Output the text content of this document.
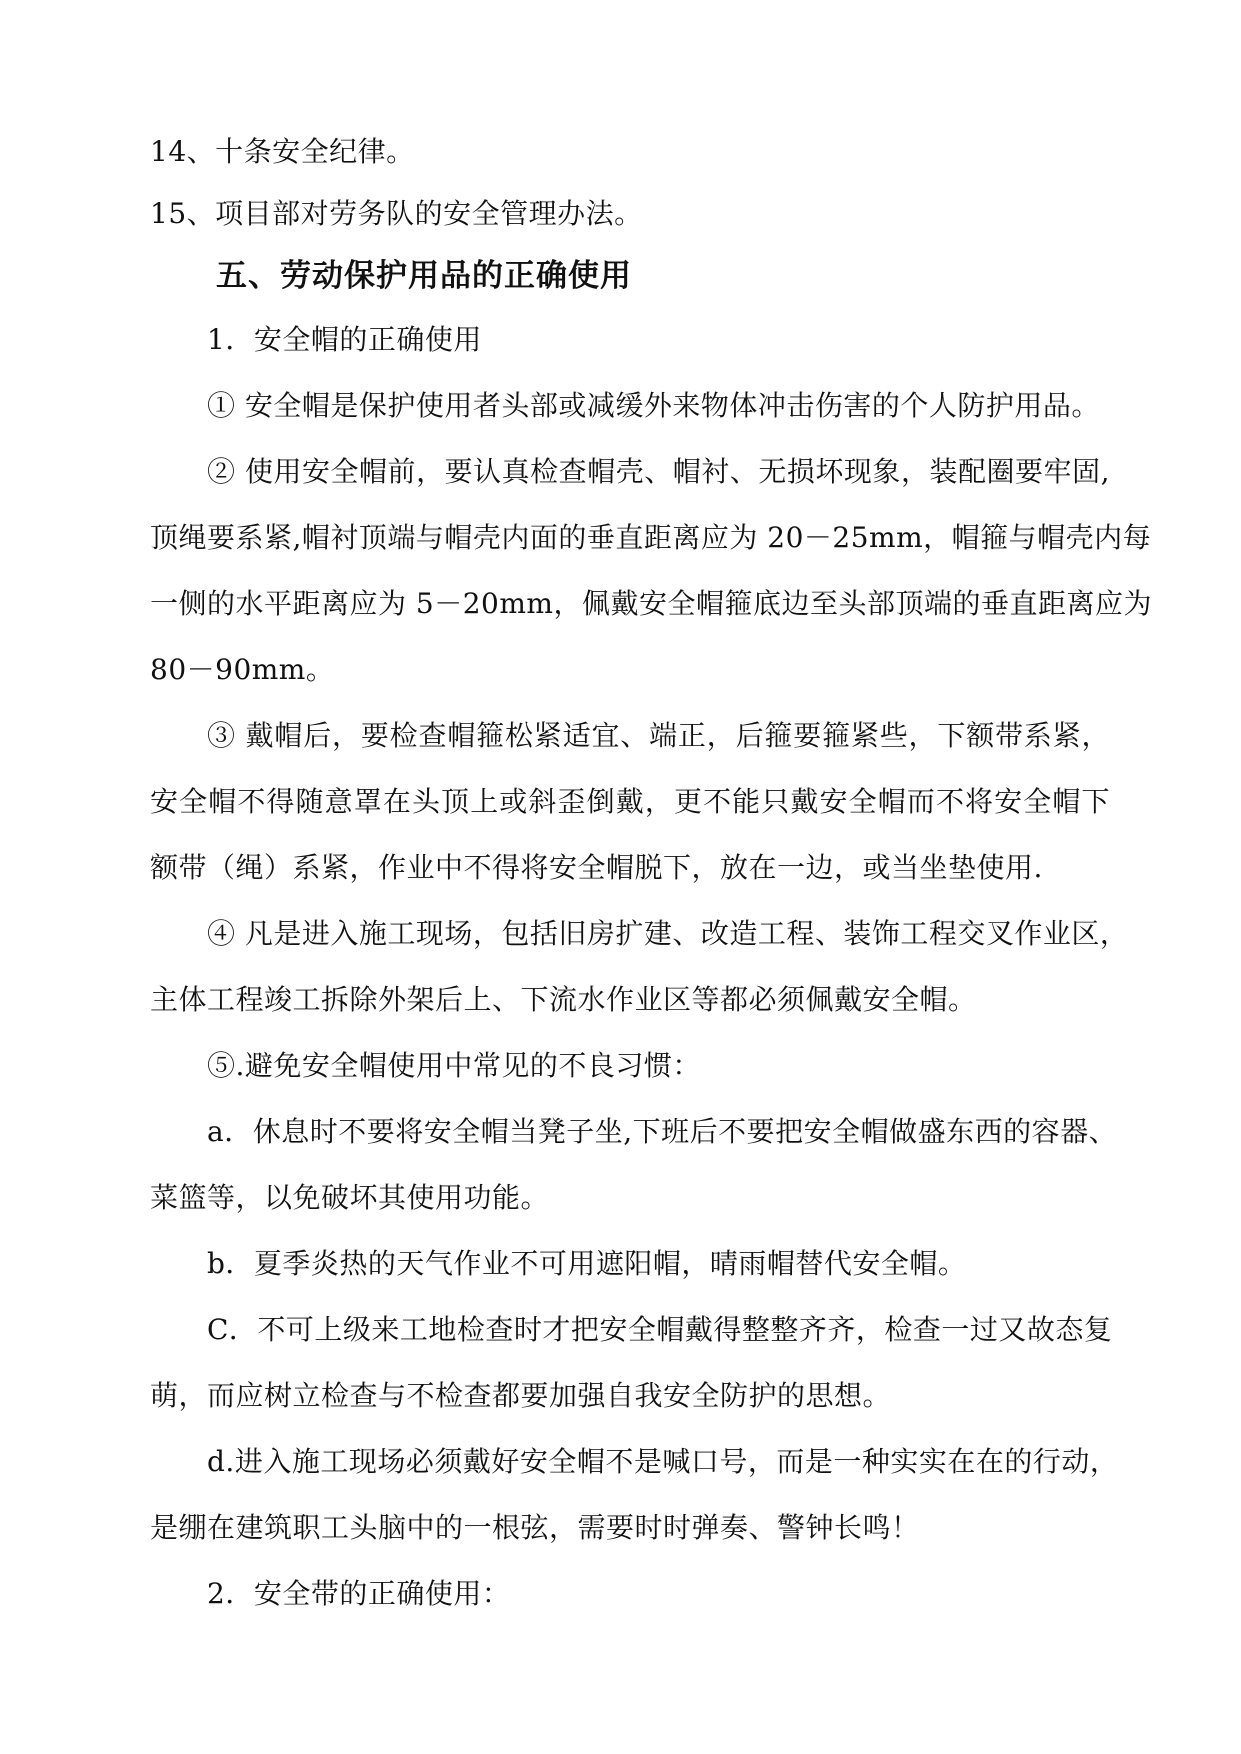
14、十条安全纪律。
15、项目部对劳务队的安全管理办法。
五、劳动保护用品的正确使用
1．安全帽的正确使用
① 安全帽是保护使用者头部或减缓外来物体冲击伤害的个人防护用品。
② 使用安全帽前，要认真检查帽壳、帽衬、无损坏现象，装配圈要牢固,
顶绳要系紧,帽衬顶端与帽壳内面的垂直距离应为 20－25mm，帽箍与帽壳内每
一侧的水平距离应为 5－20mm，佩戴安全帽箍底边至头部顶端的垂直距离应为
80－90mm。
③ 戴帽后，要检查帽箍松紧适宜、端正，后箍要箍紧些，下额带系紧，
安全帽不得随意罩在头顶上或斜歪倒戴，更不能只戴安全帽而不将安全帽下
额带（绳）系紧，作业中不得将安全帽脱下，放在一边，或当坐垫使用.
④ 凡是进入施工现场，包括旧房扩建、改造工程、装饰工程交叉作业区，
主体工程竣工拆除外架后上、下流水作业区等都必须佩戴安全帽。
⑤.避免安全帽使用中常见的不良习惯：
a．休息时不要将安全帽当凳子坐,下班后不要把安全帽做盛东西的容器、
菜篮等，以免破坏其使用功能。
b．夏季炎热的天气作业不可用遮阳帽，晴雨帽替代安全帽。
C．不可上级来工地检查时才把安全帽戴得整整齐齐，检查一过又故态复
萌，而应树立检查与不检查都要加强自我安全防护的思想。
d.进入施工现场必须戴好安全帽不是喊口号，而是一种实实在在的行动，
是绷在建筑职工头脑中的一根弦，需要时时弹奏、警钟长鸣！
2．安全带的正确使用：
